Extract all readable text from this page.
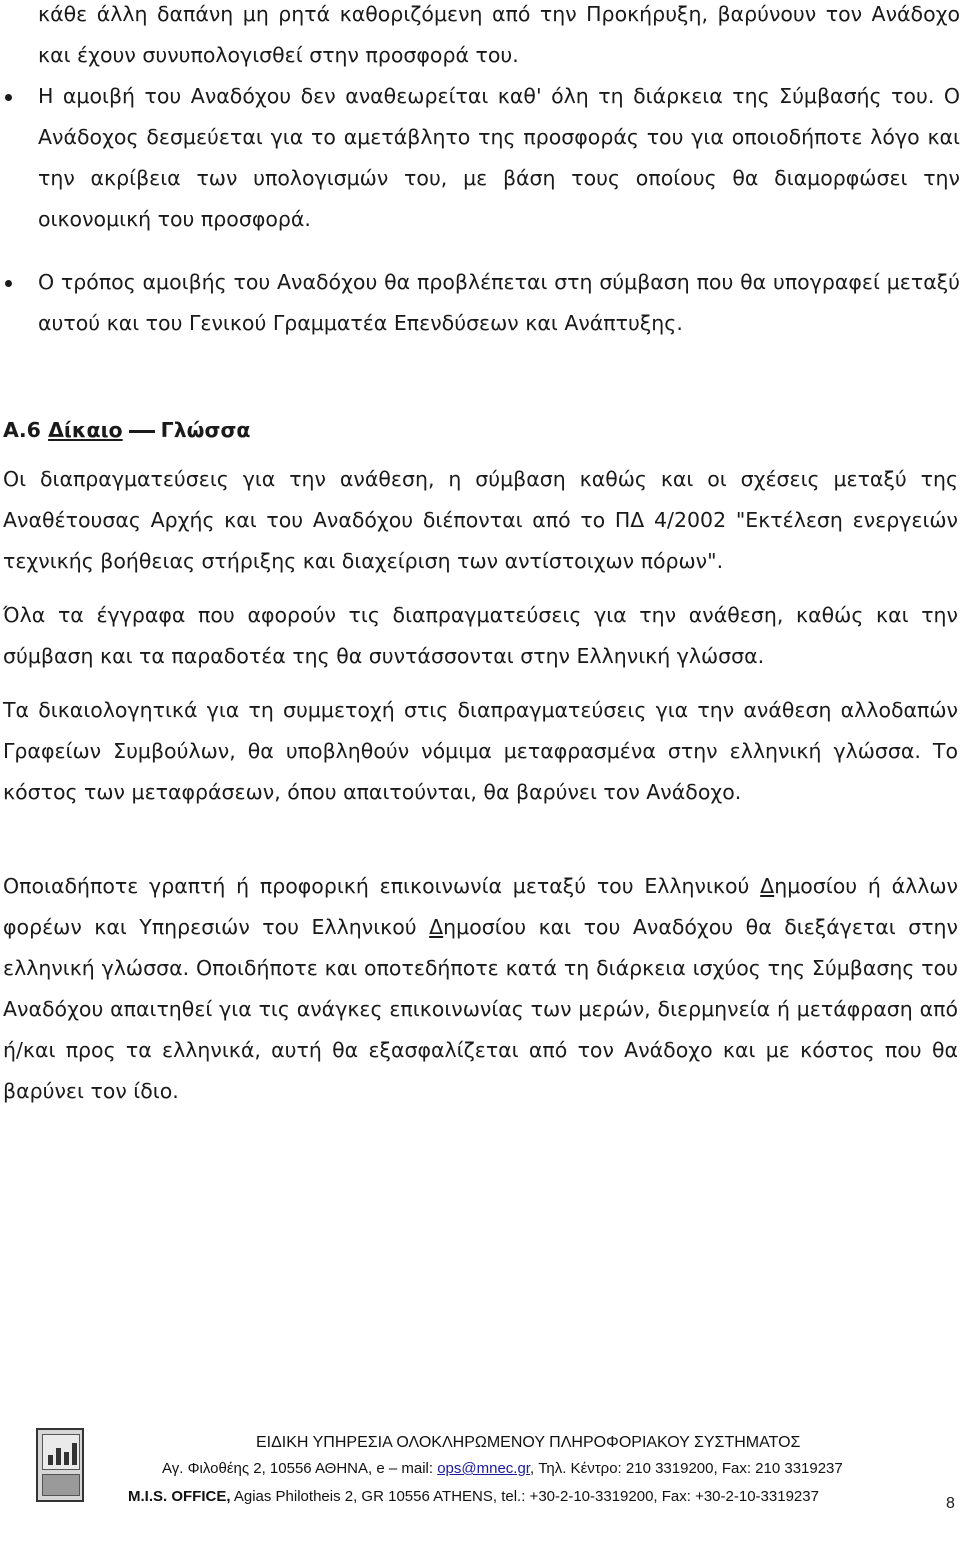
κάθε άλλη δαπάνη μη ρητά καθοριζόμενη από την Προκήρυξη, βαρύνουν τον Ανάδοχο και έχουν συνυπολογισθεί στην προσφορά του.
Η αμοιβή του Αναδόχου δεν αναθεωρείται καθ' όλη τη διάρκεια της Σύμβασής του. Ο Ανάδοχος δεσμεύεται για το αμετάβλητο της προσφοράς του για οποιοδήποτε λόγο και την ακρίβεια των υπολογισμών του, με βάση τους οποίους θα διαμορφώσει την οικονομική του προσφορά.
Ο τρόπος αμοιβής του Αναδόχου θα προβλέπεται στη σύμβαση που θα υπογραφεί μεταξύ αυτού και του Γενικού Γραμματέα Επενδύσεων και Ανάπτυξης.
Α.6 Δίκαιο Γλώσσα
Οι διαπραγματεύσεις για την ανάθεση, η σύμβαση καθώς και οι σχέσεις μεταξύ της Αναθέτουσας Αρχής και του Αναδόχου διέπονται από το ΠΔ 4/2002 "Εκτέλεση ενεργειών τεχνικής βοήθειας στήριξης και διαχείριση των αντίστοιχων πόρων".
Όλα τα έγγραφα που αφορούν τις διαπραγματεύσεις για την ανάθεση, καθώς και την σύμβαση και τα παραδοτέα της θα συντάσσονται στην Ελληνική γλώσσα.
Τα δικαιολογητικά για τη συμμετοχή στις διαπραγματεύσεις για την ανάθεση αλλοδαπών Γραφείων Συμβούλων, θα υποβληθούν νόμιμα μεταφρασμένα στην ελληνική γλώσσα. Το κόστος των μεταφράσεων, όπου απαιτούνται, θα βαρύνει τον Ανάδοχο.
Οποιαδήποτε γραπτή ή προφορική επικοινωνία μεταξύ του Ελληνικού Δημοσίου ή άλλων φορέων και Υπηρεσιών του Ελληνικού Δημοσίου και του Αναδόχου θα διεξάγεται στην ελληνική γλώσσα. Οποιδήποτε και οποτεδήποτε κατά τη διάρκεια ισχύος της Σύμβασης του Αναδόχου απαιτηθεί για τις ανάγκες επικοινωνίας των μερών, διερμηνεία ή μετάφραση από ή/και προς τα ελληνικά, αυτή θα εξασφαλίζεται από τον Ανάδοχο και με κόστος που θα βαρύνει τον ίδιο.
ΕΙΔΙΚΗ ΥΠΗΡΕΣΙΑ ΟΛΟΚΛΗΡΩΜΕΝΟΥ ΠΛΗΡΟΦΟΡΙΑΚΟΥ ΣΥΣΤΗΜΑΤΟΣ
Αγ. Φιλοθέης 2, 10556 ΑΘΗΝΑ, e – mail: ops@mnec.gr, Τηλ. Κέντρο: 210 3319200, Fax: 210 3319237
M.I.S. OFFICE, Agias Philotheis 2, GR 10556 ATHENS, tel.: +30-2-10-3319200, Fax: +30-2-10-3319237	8
